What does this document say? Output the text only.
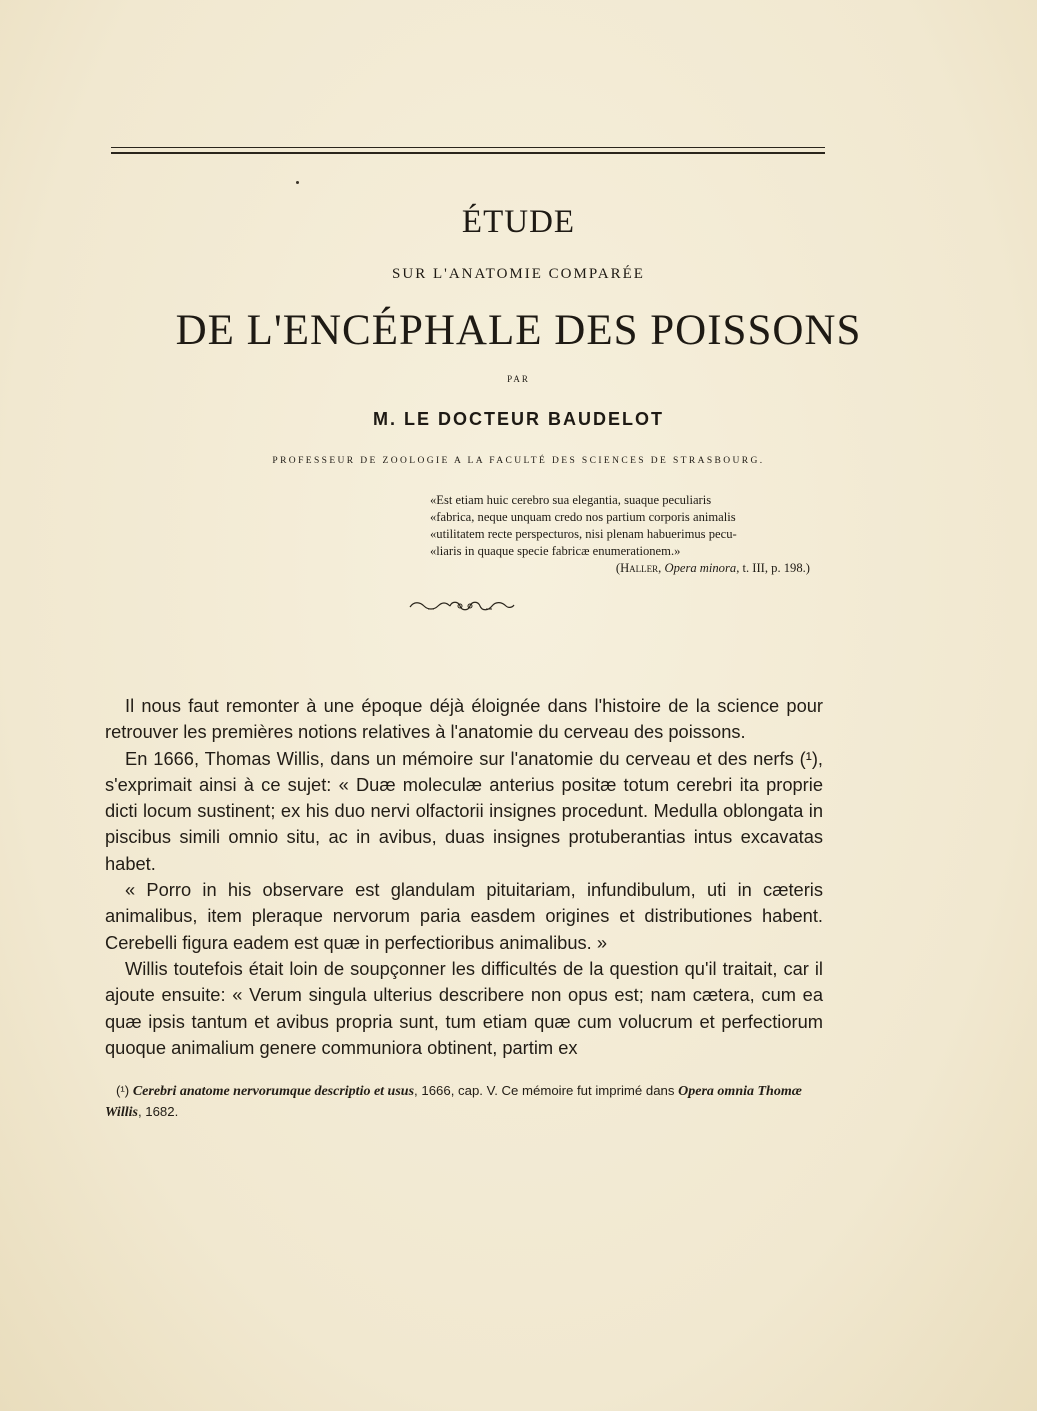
ÉTUDE
SUR L'ANATOMIE COMPARÉE
DE L'ENCÉPHALE DES POISSONS
PAR
M. LE DOCTEUR BAUDELOT
PROFESSEUR DE ZOOLOGIE A LA FACULTÉ DES SCIENCES DE STRASBOURG.
«Est etiam huic cerebro sua elegantia, suaque peculiaris
«fabrica, neque unquam credo nos partium corporis animalis
«utilitatem recte perspecturos, nisi plenam habuerimus pecu-
«liaris in quaque specie fabricæ enumerationem.»
(Haller, Opera minora, t. III, p. 198.)

Il nous faut remonter à une époque déjà éloignée dans l'histoire de la science pour retrouver les premières notions relatives à l'anatomie du cerveau des poissons.

En 1666, Thomas Willis, dans un mémoire sur l'anatomie du cerveau et des nerfs (¹), s'exprimait ainsi à ce sujet: « Duæ moleculæ anterius positæ totum cerebri ita proprie dicti locum sustinent; ex his duo nervi olfactorii insignes procedunt. Medulla oblongata in piscibus simili omnio situ, ac in avibus, duas insignes protuberantias intus excavatas habet.

« Porro in his observare est glandulam pituitariam, infundibulum, uti in cæteris animalibus, item pleraque nervorum paria easdem origines et distributiones habent. Cerebelli figura eadem est quæ in perfectioribus animalibus. »

Willis toutefois était loin de soupçonner les difficultés de la question qu'il traitait, car il ajoute ensuite: « Verum singula ulterius describere non opus est; nam cætera, cum ea quæ ipsis tantum et avibus propria sunt, tum etiam quæ cum volucrum et perfectiorum quoque animalium genere communiora obtinent, partim ex

(¹) Cerebri anatome nervorumque descriptio et usus, 1666, cap. V. Ce mémoire fut imprimé dans Opera omnia Thomæ Willis, 1682.
